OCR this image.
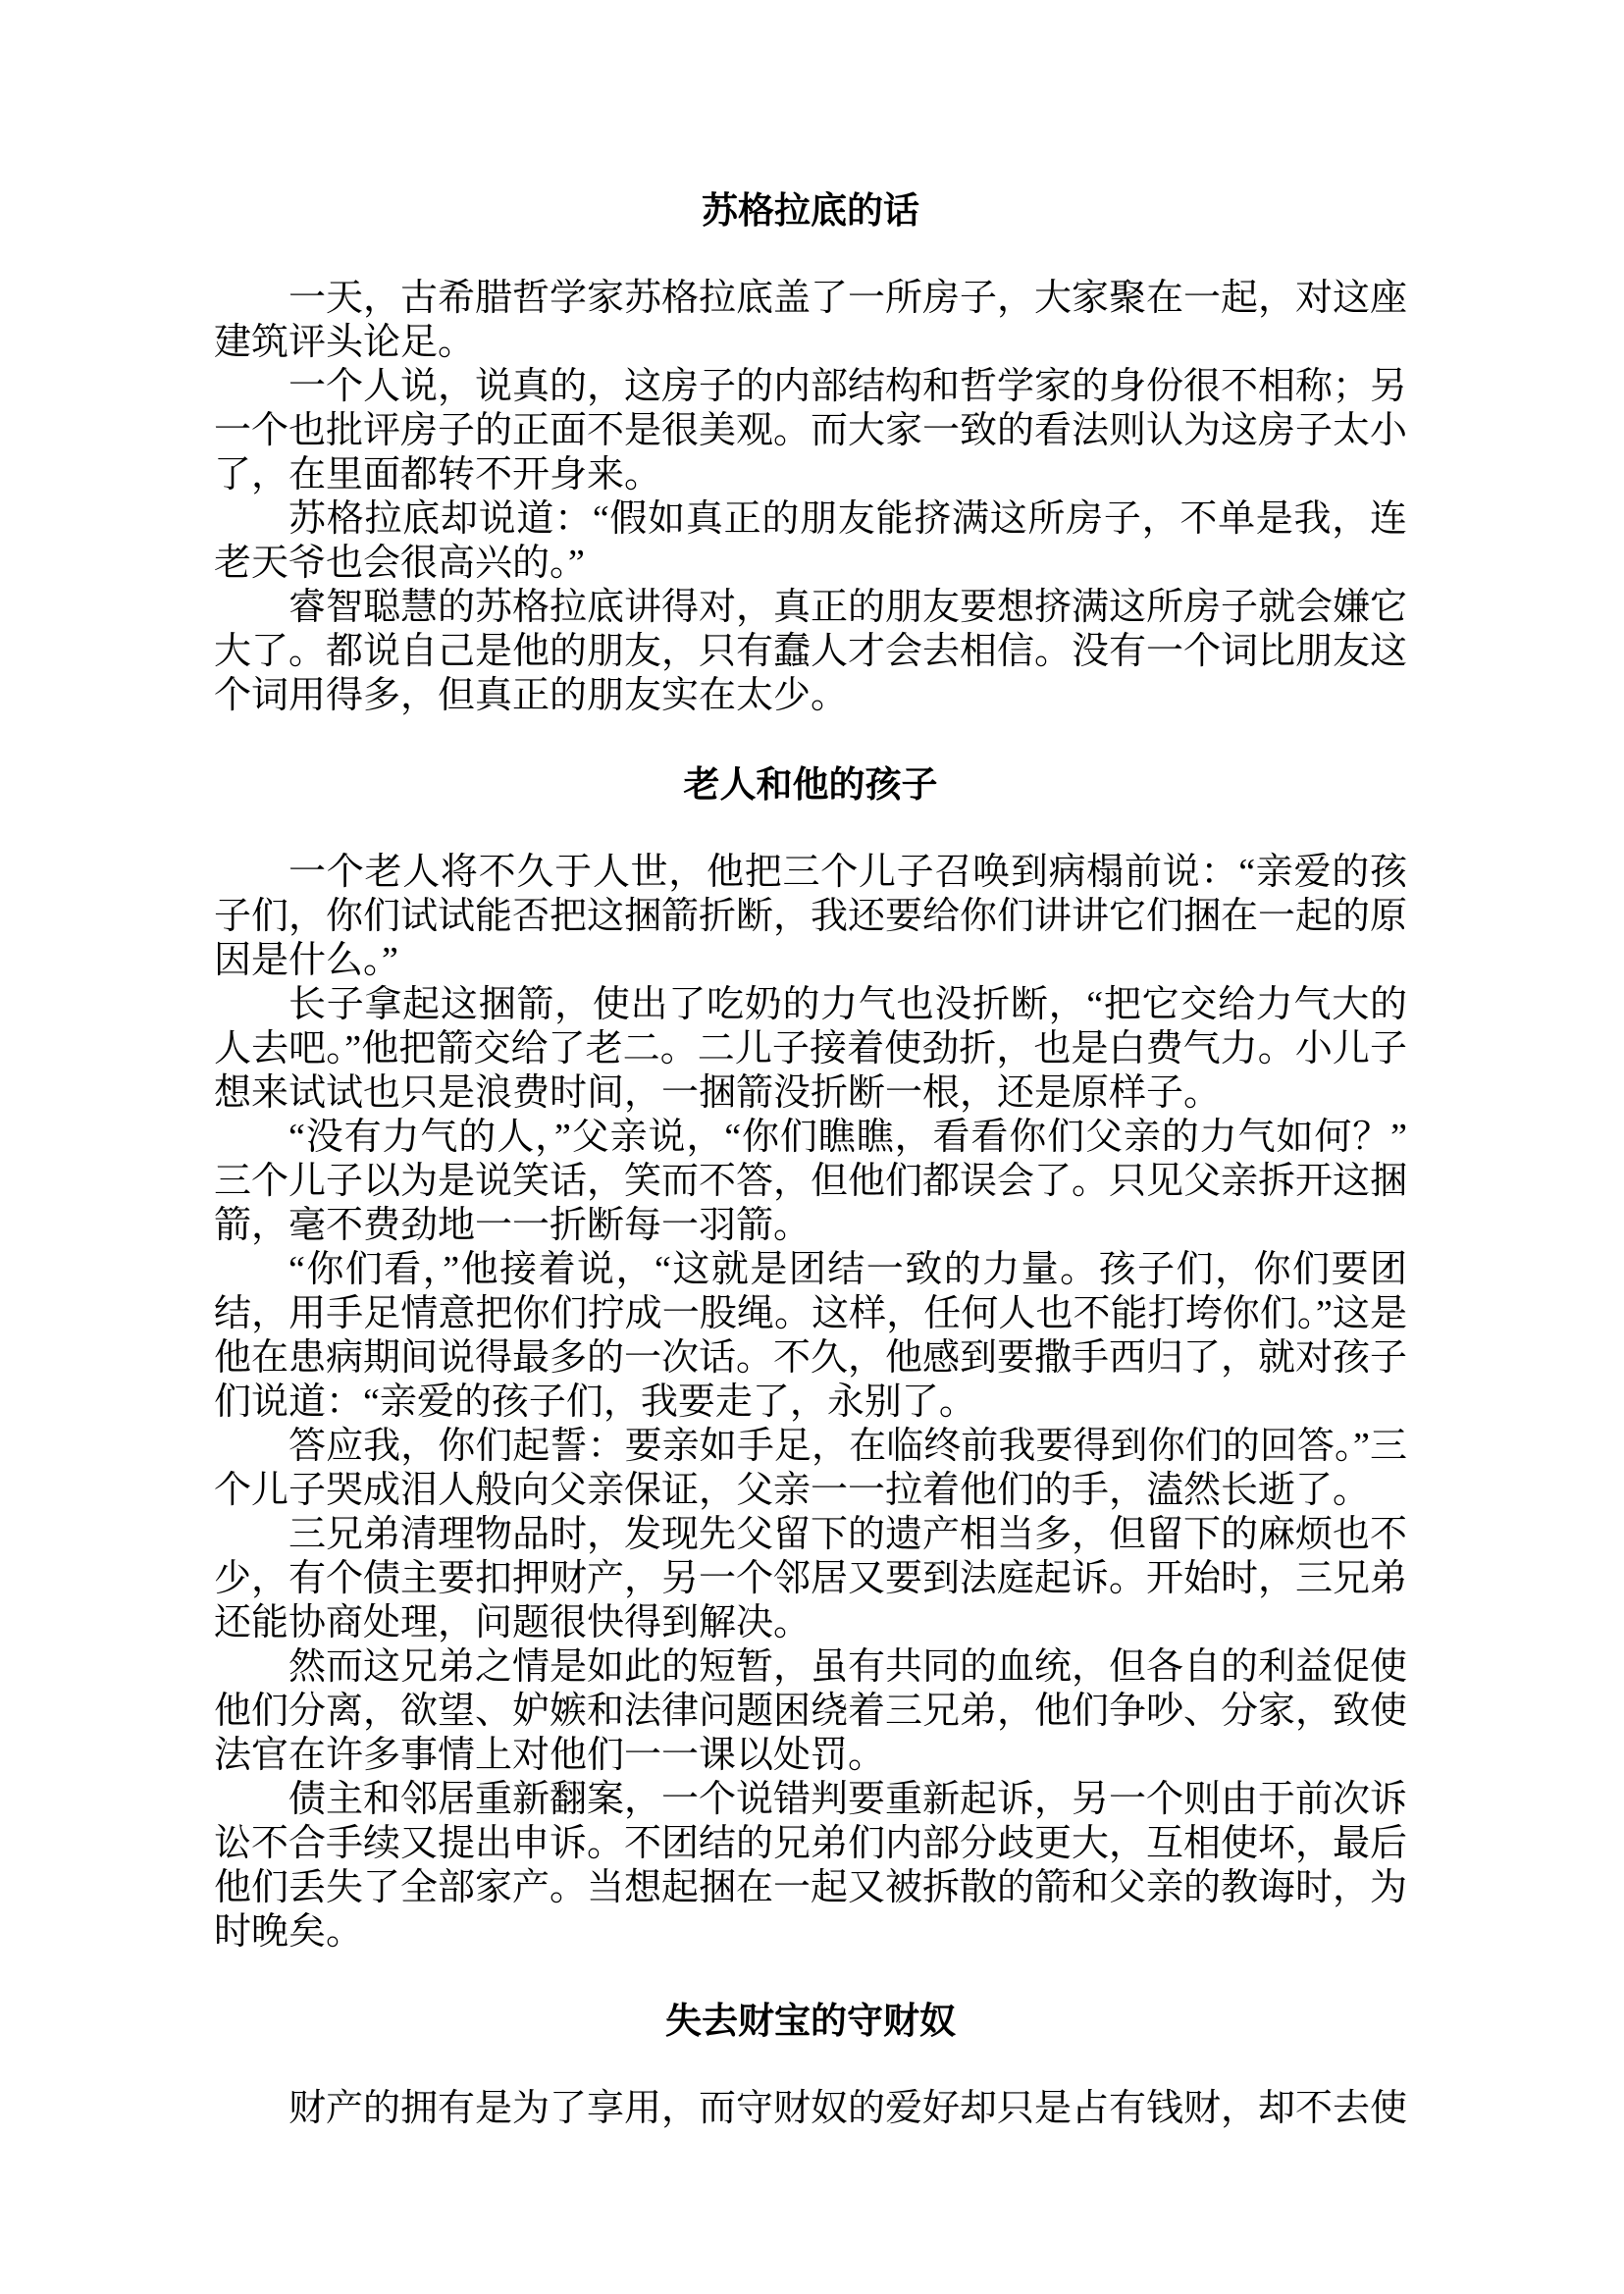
苏格拉底的话

一天，古希腊哲学家苏格拉底盖了一所房子，大家聚在一起，对这座建筑评头论足。

一个人说，说真的，这房子的内部结构和哲学家的身份很不相称；另一个也批评房子的正面不是很美观。而大家一致的看法则认为这房子太小了，在里面都转不开身来。

苏格拉底却说道：“假如真正的朋友能挤满这所房子，不单是我，连老天爷也会很高兴的。”

睿智聪慧的苏格拉底讲得对，真正的朋友要想挤满这所房子就会嫌它大了。都说自己是他的朋友，只有蠢人才会去相信。没有一个词比朋友这个词用得多，但真正的朋友实在太少。

老人和他的孩子

一个老人将不久于人世，他把三个儿子召唤到病榻前说：“亲爱的孩子们，你们试试能否把这捆箭折断，我还要给你们讲讲它们捆在一起的原因是什么。”

长子拿起这捆箭，使出了吃奶的力气也没折断，“把它交给力气大的人去吧。”他把箭交给了老二。二儿子接着使劲折，也是白费气力。小儿子想来试试也只是浪费时间，一捆箭没折断一根，还是原样子。

“没有力气的人，”父亲说，“你们瞧瞧，看看你们父亲的力气如何？”三个儿子以为是说笑话，笑而不答，但他们都误会了。只见父亲拆开这捆箭，毫不费劲地一一折断每一羽箭。

“你们看，”他接着说，“这就是团结一致的力量。孩子们，你们要团结，用手足情意把你们拧成一股绳。这样，任何人也不能打垮你们。”这是他在患病期间说得最多的一次话。不久，他感到要撒手西归了，就对孩子们说道：“亲爱的孩子们，我要走了，永别了。

答应我，你们起誓：要亲如手足，在临终前我要得到你们的回答。”三个儿子哭成泪人般向父亲保证，父亲一一拉着他们的手，溘然长逝了。

三兄弟清理物品时，发现先父留下的遗产相当多，但留下的麻烦也不少，有个债主要扣押财产，另一个邻居又要到法庭起诉。开始时，三兄弟还能协商处理，问题很快得到解决。

然而这兄弟之情是如此的短暂，虽有共同的血统，但各自的利益促使他们分离，欲望、妒嫉和法律问题困绕着三兄弟，他们争吵、分家，致使法官在许多事情上对他们一一课以处罚。

债主和邻居重新翻案，一个说错判要重新起诉，另一个则由于前次诉讼不合手续又提出申诉。不团结的兄弟们内部分歧更大，互相使坏，最后他们丢失了全部家产。当想起捆在一起又被拆散的箭和父亲的教诲时，为时晚矣。

失去财宝的守财奴

财产的拥有是为了享用，而守财奴的爱好却只是占有钱财，却不去使
